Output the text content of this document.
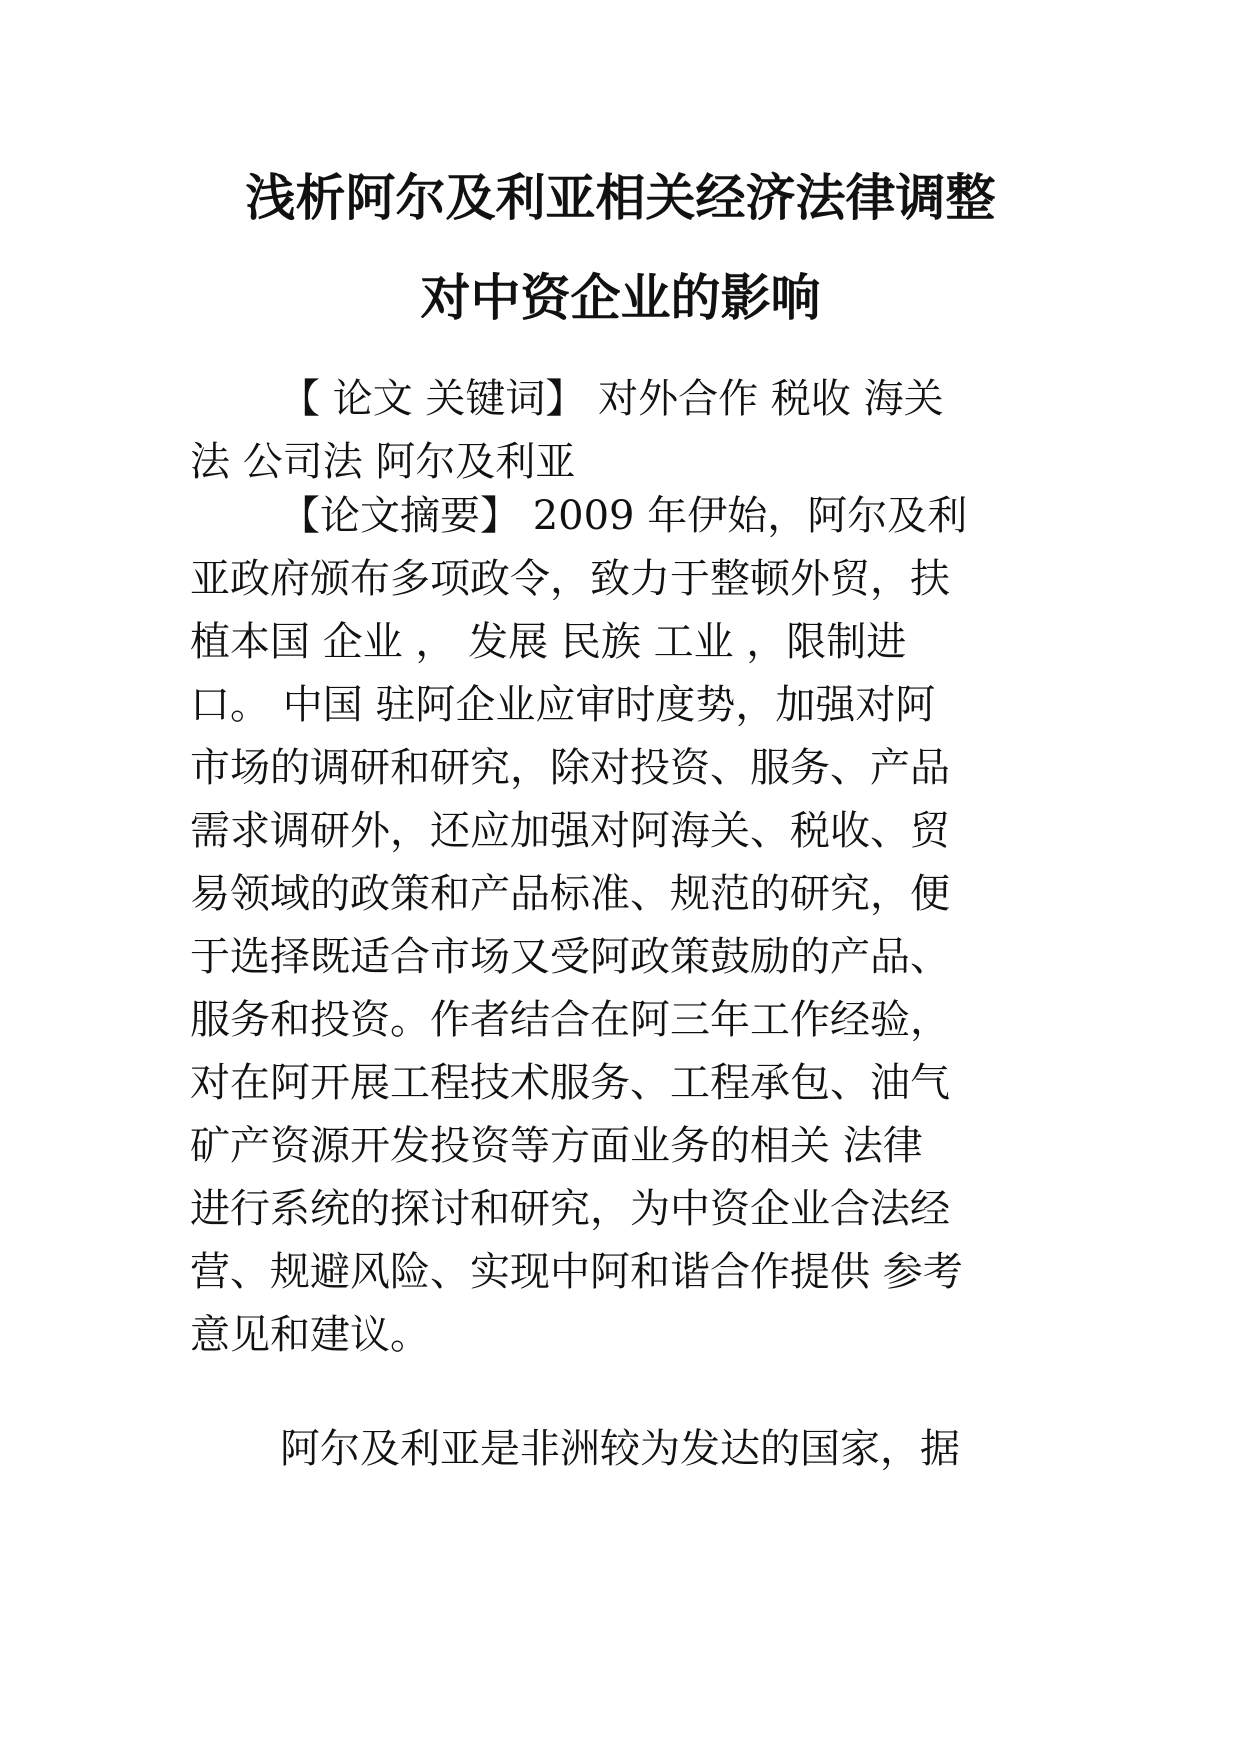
浅析阿尔及利亚相关经济法律调整
对中资企业的影响
【 论文 关键词】 对外合作 税收 海关
法 公司法 阿尔及利亚
【论文摘要】 2009 年伊始，阿尔及利
亚政府颁布多项政令，致力于整顿外贸，扶
植本国 企业 ， 发展 民族 工业 ，限制进
口。 中国 驻阿企业应审时度势，加强对阿
市场的调研和研究，除对投资、服务、产品
需求调研外，还应加强对阿海关、税收、贸
易领域的政策和产品标准、规范的研究，便
于选择既适合市场又受阿政策鼓励的产品、
服务和投资。作者结合在阿三年工作经验，
对在阿开展工程技术服务、工程承包、油气
矿产资源开发投资等方面业务的相关 法律
进行系统的探讨和研究，为中资企业合法经
营、规避风险、实现中阿和谐合作提供 参考
意见和建议。
阿尔及利亚是非洲较为发达的国家，据
